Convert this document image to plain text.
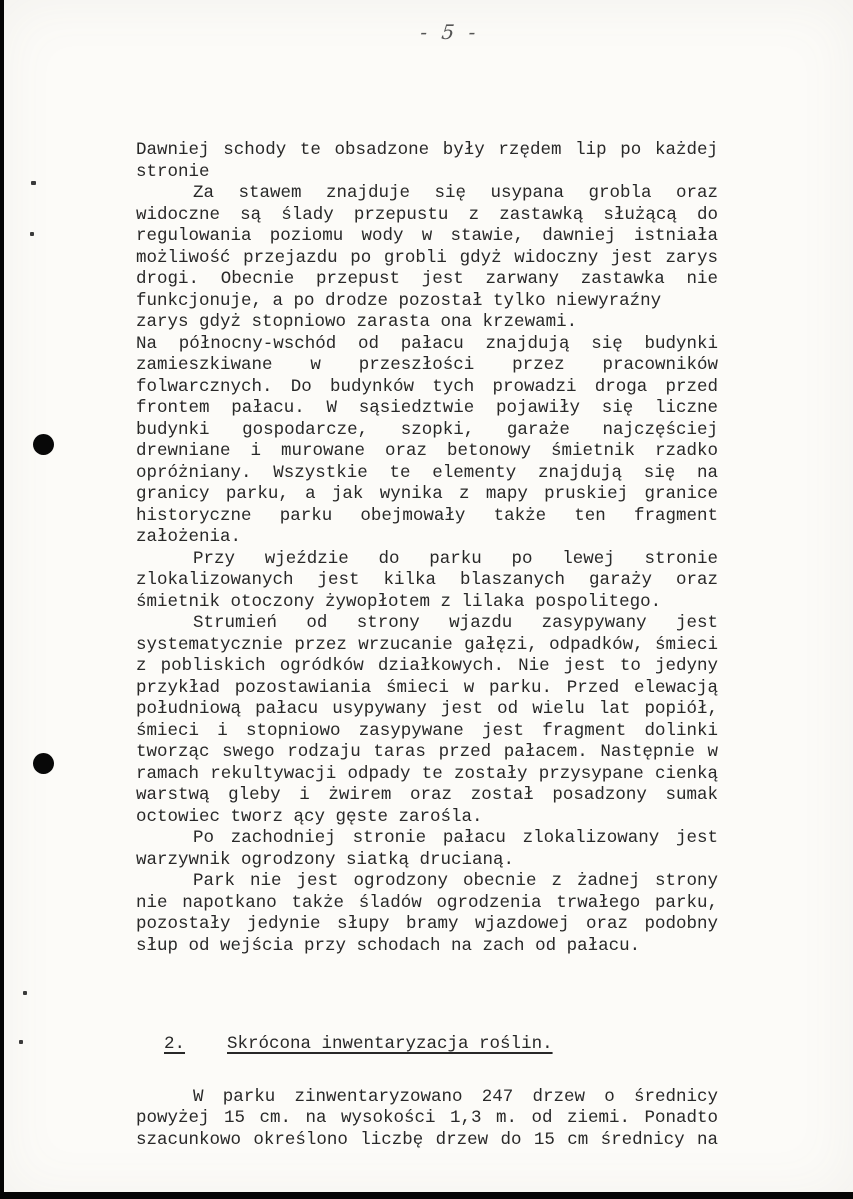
- 5 -
Dawniej schody te obsadzone były rzędem lip po każdej
stronie
Za stawem znajduje się usypana grobla oraz
widoczne są ślady przepustu z zastawką służącą do
regulowania poziomu wody w stawie, dawniej istniała
możliwość przejazdu po grobli gdyż widoczny jest zarys
drogi. Obecnie przepust jest zarwany zastawka nie
funkcjonuje, a po drodze pozostał tylko niewyraźny
zarys gdyż stopniowo zarasta ona krzewami.
Na północny-wschód od pałacu znajdują się budynki
zamieszkiwane w przeszłości przez pracowników
folwarcznych. Do budynków tych prowadzi droga przed
frontem pałacu. W sąsiedztwie pojawiły się liczne
budynki gospodarcze, szopki, garaże najczęściej
drewniane i murowane oraz betonowy śmietnik rzadko
opróżniany. Wszystkie te elementy znajdują się na
granicy parku, a jak wynika z mapy pruskiej granice
historyczne parku obejmowały także ten fragment
założenia.
Przy wjeździe do parku po lewej stronie
zlokalizowanych jest kilka blaszanych garaży oraz
śmietnik otoczony żywopłotem z lilaka pospolitego.
Strumień od strony wjazdu zasypywany jest
systematycznie przez wrzucanie gałęzi, odpadków, śmieci
z pobliskich ogródków działkowych. Nie jest to jedyny
przykład pozostawiania śmieci w parku. Przed elewacją
południową pałacu usypywany jest od wielu lat popiół,
śmieci i stopniowo zasypywane jest fragment dolinki
tworząc swego rodzaju taras przed pałacem. Następnie w
ramach rekultywacji odpady te zostały przysypane cienką
warstwą gleby i żwirem oraz został posadzony sumak
octowiec tworz ący gęste zarośla.
Po zachodniej stronie pałacu zlokalizowany jest
warzywnik ogrodzony siatką drucianą.
Park nie jest ogrodzony obecnie z żadnej strony
nie napotkano także śladów ogrodzenia trwałego parku,
pozostały jedynie słupy bramy wjazdowej oraz podobny
słup od wejścia przy schodach na zach od pałacu.
2. Skrócona inwentaryzacja roślin.
W parku zinwentaryzowano 247 drzew o średnicy
powyżej 15 cm. na wysokości 1,3 m. od ziemi. Ponadto
szacunkowo określono liczbę drzew do 15 cm średnicy na
